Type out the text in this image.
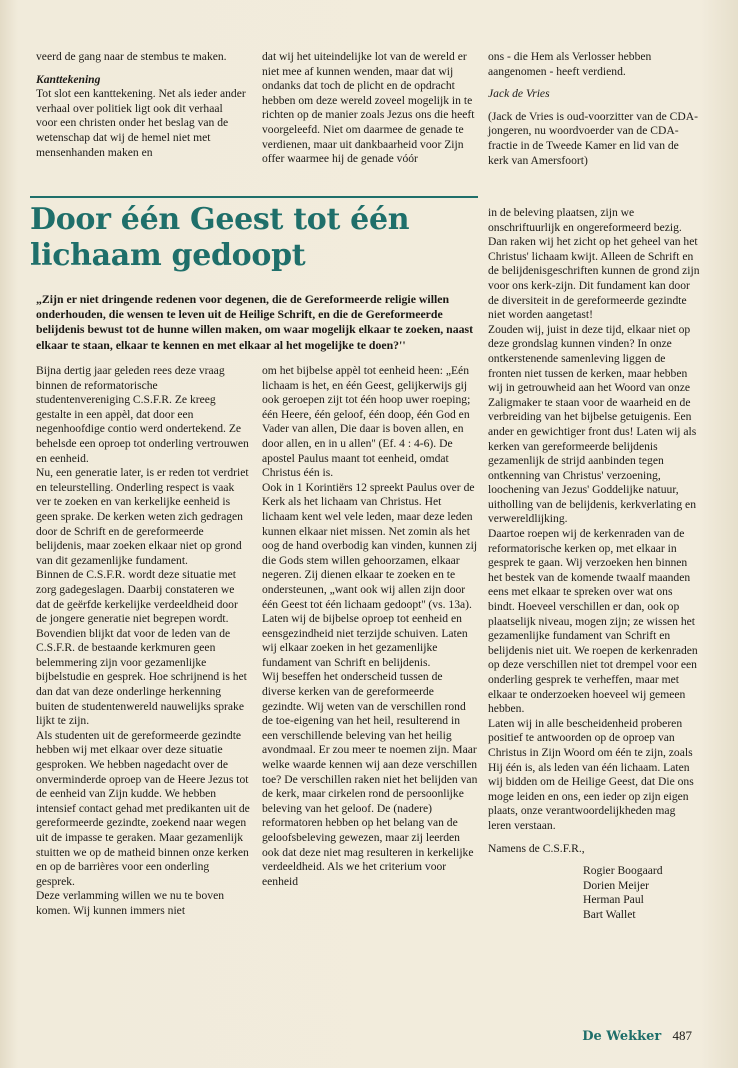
veerd de gang naar de stembus te maken.

Kanttekening

Tot slot een kanttekening. Net als ieder ander verhaal over politiek ligt ook dit verhaal voor een christen onder het beslag van de wetenschap dat wij de hemel niet met mensenhanden maken en

dat wij het uiteindelijke lot van de wereld er niet mee af kunnen wenden, maar dat wij ondanks dat toch de plicht en de opdracht hebben om deze wereld zoveel mogelijk in te richten op de manier zoals Jezus ons die heeft voorgeleefd. Niet om daarmee de genade te verdienen, maar uit dankbaarheid voor Zijn offer waarmee hij de genade vóór

ons - die Hem als Verlosser hebben aangenomen - heeft verdiend.

Jack de Vries

(Jack de Vries is oud-voorzitter van de CDA-jongeren, nu woordvoerder van de CDA-fractie in de Tweede Kamer en lid van de kerk van Amersfoort)

Door één Geest tot één lichaam gedoopt

„Zijn er niet dringende redenen voor degenen, die de Gereformeerde religie willen onderhouden, die wensen te leven uit de Heilige Schrift, en die de Gereformeerde belijdenis bewust tot de hunne willen maken, om waar mogelijk elkaar te zoeken, naast elkaar te staan, elkaar te kennen en met elkaar al het mogelijke te doen?''

Bijna dertig jaar geleden rees deze vraag binnen de reformatorische studentenvereniging C.S.F.R. Ze kreeg gestalte in een appèl, dat door een negenhoofdige contio werd ondertekend. Ze behelsde een oproep tot onderling vertrouwen en eenheid.

Nu, een generatie later, is er reden tot verdriet en teleurstelling. Onderling respect is vaak ver te zoeken en van kerkelijke eenheid is geen sprake. De kerken weten zich gedragen door de Schrift en de gereformeerde belijdenis, maar zoeken elkaar niet op grond van dit gezamenlijke fundament.

Binnen de C.S.F.R. wordt deze situatie met zorg gadegeslagen. Daarbij constateren we dat de geërfde kerkelijke verdeeldheid door de jongere generatie niet begrepen wordt. Bovendien blijkt dat voor de leden van de C.S.F.R. de bestaande kerkmuren geen belemmering zijn voor gezamenlijke bijbelstudie en gesprek. Hoe schrijnend is het dan dat van deze onderlinge herkenning buiten de studentenwereld nauwelijks sprake lijkt te zijn.

Als studenten uit de gereformeerde gezindte hebben wij met elkaar over deze situatie gesproken. We hebben nagedacht over de onverminderde oproep van de Heere Jezus tot de eenheid van Zijn kudde. We hebben intensief contact gehad met predikanten uit de gereformeerde gezindte, zoekend naar wegen uit de impasse te geraken. Maar gezamenlijk stuitten we op de matheid binnen onze kerken en op de barrières voor een onderling gesprek.

Deze verlamming willen we nu te boven komen. Wij kunnen immers niet

om het bijbelse appèl tot eenheid heen: „Eén lichaam is het, en één Geest, gelijkerwijs gij ook geroepen zijt tot één hoop uwer roeping; één Heere, één geloof, één doop, één God en Vader van allen, Die daar is boven allen, en door allen, en in u allen'' (Ef. 4 : 4-6). De apostel Paulus maant tot eenheid, omdat Christus één is.

Ook in 1 Korintiërs 12 spreekt Paulus over de Kerk als het lichaam van Christus. Het lichaam kent wel vele leden, maar deze leden kunnen elkaar niet missen. Net zomin als het oog de hand overbodig kan vinden, kunnen zij die Gods stem willen gehoorzamen, elkaar negeren. Zij dienen elkaar te zoeken en te ondersteunen, „want ook wij allen zijn door één Geest tot één lichaam gedoopt'' (vs. 13a).

Laten wij de bijbelse oproep tot eenheid en eensgezindheid niet terzijde schuiven. Laten wij elkaar zoeken in het gezamenlijke fundament van Schrift en belijdenis.

Wij beseffen het onderscheid tussen de diverse kerken van de gereformeerde gezindte. Wij weten van de verschillen rond de toe-eigening van het heil, resulterend in een verschillende beleving van het heilig avondmaal. Er zou meer te noemen zijn. Maar welke waarde kennen wij aan deze verschillen toe? De verschillen raken niet het belijden van de kerk, maar cirkelen rond de persoonlijke beleving van het geloof. De (nadere) reformatoren hebben op het belang van de geloofsbeleving gewezen, maar zij leerden ook dat deze niet mag resulteren in kerkelijke verdeeldheid. Als we het criterium voor eenheid

in de beleving plaatsen, zijn we onschriftuurlijk en ongereformeerd bezig. Dan raken wij het zicht op het geheel van het Christus' lichaam kwijt. Alleen de Schrift en de belijdenisgeschriften kunnen de grond zijn voor ons kerk-zijn. Dit fundament kan door de diversiteit in de gereformeerde gezindte niet worden aangetast!

Zouden wij, juist in deze tijd, elkaar niet op deze grondslag kunnen vinden? In onze ontkerstenende samenleving liggen de fronten niet tussen de kerken, maar hebben wij in getrouwheid aan het Woord van onze Zaligmaker te staan voor de waarheid en de verbreiding van het bijbelse getuigenis. Een ander en gewichtiger front dus! Laten wij als kerken van gereformeerde belijdenis gezamenlijk de strijd aanbinden tegen ontkenning van Christus' verzoening, loochening van Jezus' Goddelijke natuur, uitholling van de belijdenis, kerkverlating en verwereldlijking.

Daartoe roepen wij de kerkenraden van de reformatorische kerken op, met elkaar in gesprek te gaan. Wij verzoeken hen binnen het bestek van de komende twaalf maanden eens met elkaar te spreken over wat ons bindt. Hoeveel verschillen er dan, ook op plaatselijk niveau, mogen zijn; ze wissen het gezamenlijke fundament van Schrift en belijdenis niet uit. We roepen de kerkenraden op deze verschillen niet tot drempel voor een onderling gesprek te verheffen, maar met elkaar te onderzoeken hoeveel wij gemeen hebben.

Laten wij in alle bescheidenheid proberen positief te antwoorden op de oproep van Christus in Zijn Woord om één te zijn, zoals Hij één is, als leden van één lichaam. Laten wij bidden om de Heilige Geest, dat Die ons moge leiden en ons, een ieder op zijn eigen plaats, onze verantwoordelijkheden mag leren verstaan.

Namens de C.S.F.R.,

Rogier Boogaard
Dorien Meijer
Herman Paul
Bart Wallet
De Wekker 487
